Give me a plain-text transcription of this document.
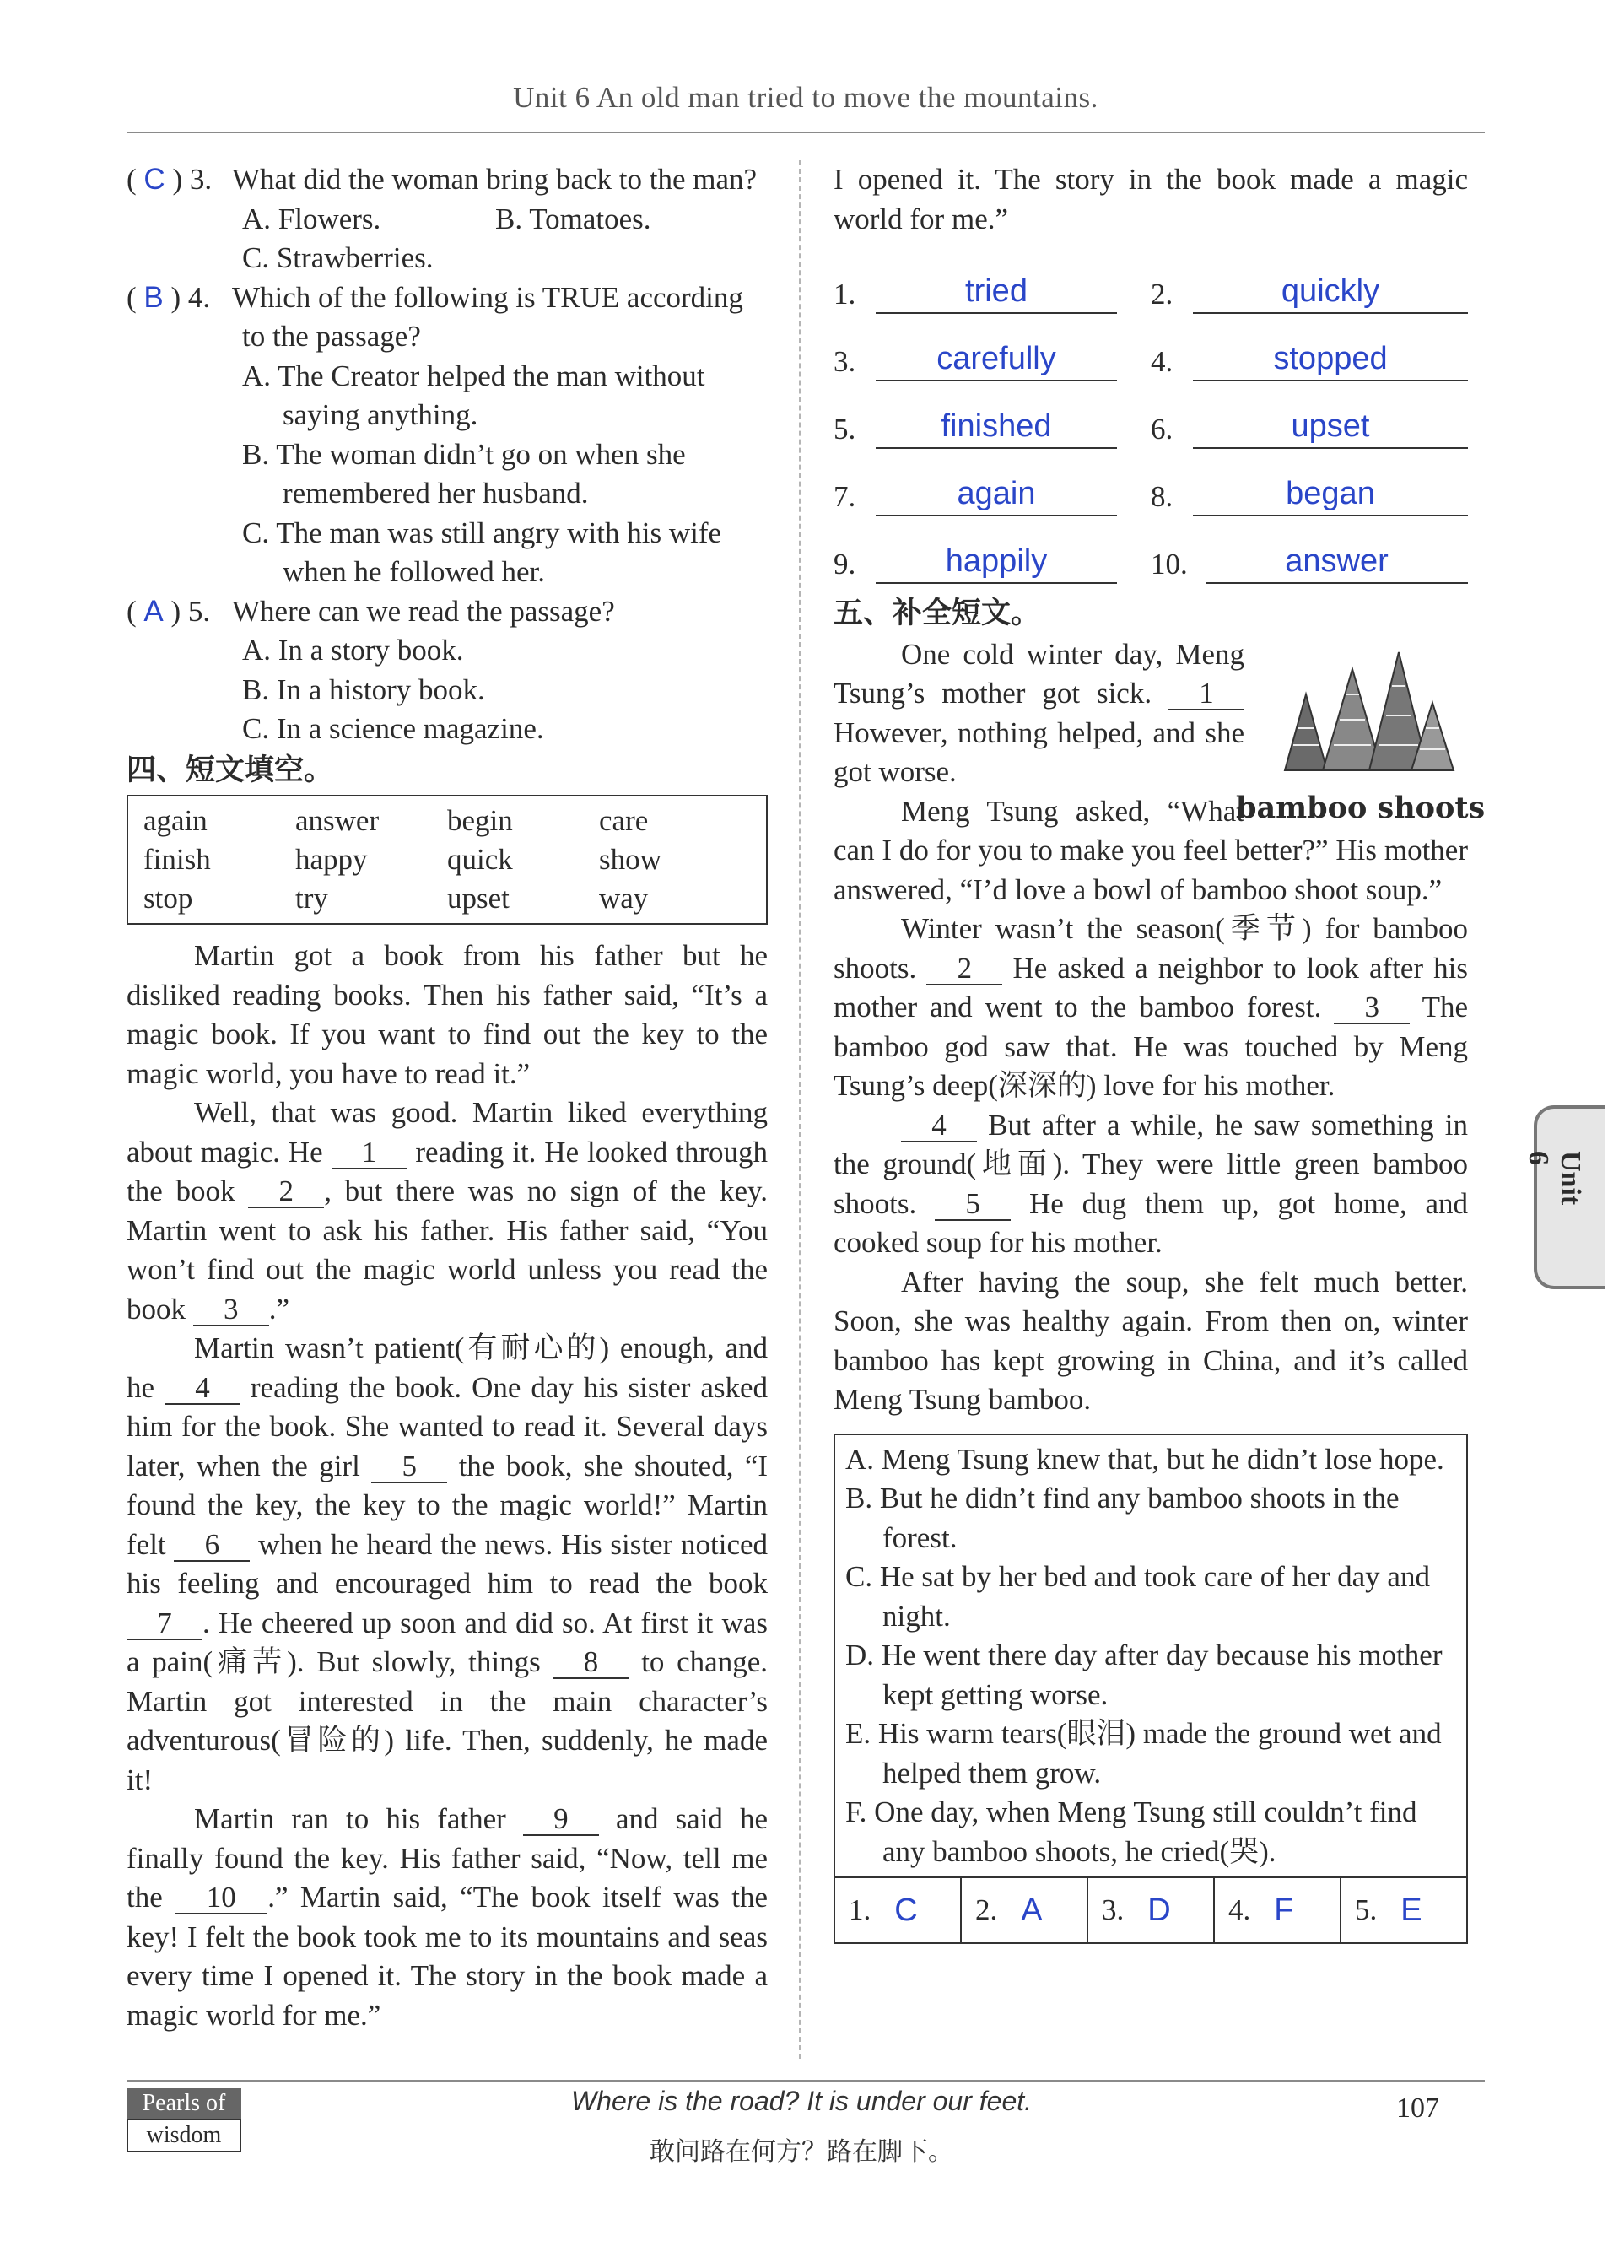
Unit 6 An old man tried to move the mountains.
( C ) 3. What did the woman bring back to the man?
A. Flowers.	B. Tomatoes.
C. Strawberries.
( B ) 4. Which of the following is TRUE according to the passage?
A. The Creator helped the man without saying anything.
B. The woman didn’t go on when she remembered her husband.
C. The man was still angry with his wife when he followed her.
( A ) 5. Where can we read the passage?
A. In a story book.
B. In a history book.
C. In a science magazine.
四、短文填空。
again	answer	begin	care
finish	happy	quick	show
stop	try	upset	way

Martin got a book from his father but he disliked reading books. Then his father said, “It’s a magic book. If you want to find out the key to the magic world, you have to read it.”

Well, that was good. Martin liked everything about magic. He 1 reading it. He looked through the book 2 , but there was no sign of the key. Martin went to ask his father. His father said, “You won’t find out the magic world unless you read the book 3 .”

Martin wasn’t patient(有耐心的) enough, and he 4 reading the book. One day his sister asked him for the book. She wanted to read it. Several days later, when the girl 5 the book, she shouted, “I found the key, the key to the magic world!” Martin felt 6 when he heard the news. His sister noticed his feeling and encouraged him to read the book 7 . He cheered up soon and did so. At first it was a pain(痛苦). But slowly, things 8 to change. Martin got interested in the main character’s adventurous(冒险的) life. Then, suddenly, he made it!

Martin ran to his father 9 and said he finally found the key. His father said, “Now, tell me the 10 .” Martin said, “The book itself was the key! I felt the book took me to its mountains and seas every time I opened it. The story in the book made a magic world for me.”

1.	tried	2.	quickly
3.	carefully	4.	stopped
5.	finished	6.	upset
7.	again	8.	began
9.	happily	10.	answer
五、补全短文。
bamboo shoots

One cold winter day, Meng Tsung’s mother got sick. 1 However, nothing helped, and she got worse.

Meng Tsung asked, “What can I do for you to make you feel better?” His mother answered, “I’d love a bowl of bamboo shoot soup.”

Winter wasn’t the season(季节) for bamboo shoots. 2 He asked a neighbor to look after his mother and went to the bamboo forest. 3 The bamboo god saw that. He was touched by Meng Tsung’s deep(深深的) love for his mother.

4 But after a while, he saw something in the ground(地面). They were little green bamboo shoots. 5 He dug them up, got home, and cooked soup for his mother.

After having the soup, she felt much better. Soon, she was healthy again. From then on, winter bamboo has kept growing in China, and it’s called Meng Tsung bamboo.

A. Meng Tsung knew that, but he didn’t lose hope.
B. But he didn’t find any bamboo shoots in the forest.
C. He sat by her bed and took care of her day and night.
D. He went there day after day because his mother kept getting worse.
E. His warm tears(眼泪) made the ground wet and helped them grow.
F. One day, when Meng Tsung still couldn’t find any bamboo shoots, he cried(哭).
1. C 2. A 3. D 4. F 5. E

I opened it. The story in the book made a magic world for me.”

Unit 6
Pearls of
wisdom
Where is the road? It is under our feet.
敢问路在何方？路在脚下。
107
